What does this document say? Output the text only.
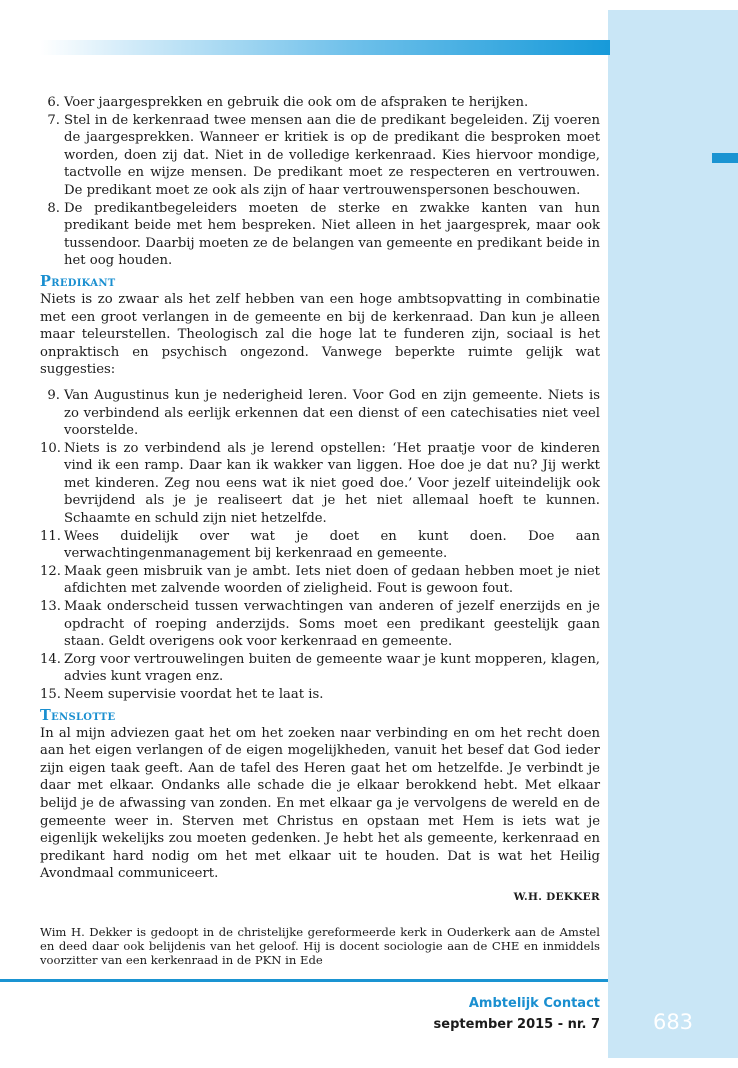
6. Voer jaargesprekken en gebruik die ook om de afspraken te herijken.
7. Stel in de kerkenraad twee mensen aan die de predikant begeleiden. Zij voeren de jaargesprekken. Wanneer er kritiek is op de predikant die besproken moet worden, doen zij dat. Niet in de volledige kerkenraad. Kies hiervoor mondige, tactvolle en wijze mensen. De predikant moet ze respecteren en vertrouwen. De predikant moet ze ook als zijn of haar vertrouwenspersonen beschouwen.
8. De predikantbegeleiders moeten de sterke en zwakke kanten van hun predikant beide met hem bespreken. Niet alleen in het jaargesprek, maar ook tussendoor. Daarbij moeten ze de belangen van gemeente en predikant beide in het oog houden.
Predikant

Niets is zo zwaar als het zelf hebben van een hoge ambtsopvatting in combinatie met een groot verlangen in de gemeente en bij de kerkenraad. Dan kun je alleen maar teleurstellen. Theologisch zal die hoge lat te funderen zijn, sociaal is het onpraktisch en psychisch ongezond. Vanwege beperkte ruimte gelijk wat suggesties:

9. Van Augustinus kun je nederigheid leren. Voor God en zijn gemeente. Niets is zo verbindend als eerlijk erkennen dat een dienst of een catechisaties niet veel voorstelde.
10. Niets is zo verbindend als je lerend opstellen: ‘Het praatje voor de kinderen vind ik een ramp. Daar kan ik wakker van liggen. Hoe doe je dat nu? Jij werkt met kinderen. Zeg nou eens wat ik niet goed doe.’ Voor jezelf uiteindelijk ook bevrijdend als je je realiseert dat je het niet allemaal hoeft te kunnen. Schaamte en schuld zijn niet hetzelfde.
11. Wees duidelijk over wat je doet en kunt doen. Doe aan verwachtingenmanagement bij kerkenraad en gemeente.
12. Maak geen misbruik van je ambt. Iets niet doen of gedaan hebben moet je niet afdichten met zalvende woorden of zieligheid. Fout is gewoon fout.
13. Maak onderscheid tussen verwachtingen van anderen of jezelf enerzijds en je opdracht of roeping anderzijds. Soms moet een predikant geestelijk gaan staan. Geldt overigens ook voor kerkenraad en gemeente.
14. Zorg voor vertrouwelingen buiten de gemeente waar je kunt mopperen, klagen, advies kunt vragen enz.
15. Neem supervisie voordat het te laat is.
Tenslotte

In al mijn adviezen gaat het om het zoeken naar verbinding en om het recht doen aan het eigen verlangen of de eigen mogelijkheden, vanuit het besef dat God ieder zijn eigen taak geeft. Aan de tafel des Heren gaat het om hetzelfde. Je verbindt je daar met elkaar. Ondanks alle schade die je elkaar berokkend hebt. Met elkaar belijd je de afwassing van zonden. En met elkaar ga je vervolgens de wereld en de gemeente weer in. Sterven met Christus en opstaan met Hem is iets wat je eigenlijk wekelijks zou moeten gedenken. Je hebt het als gemeente, kerkenraad en predikant hard nodig om het met elkaar uit te houden. Dat is wat het Heilig Avondmaal communiceert.

W.H. DEKKER

Wim H. Dekker is gedoopt in de christelijke gereformeerde kerk in Ouderkerk aan de Amstel en deed daar ook belijdenis van het geloof. Hij is docent sociologie aan de CHE en inmiddels voorzitter van een kerkenraad in de PKN in Ede

Ambtelijk Contact
september 2015 - nr. 7	683
